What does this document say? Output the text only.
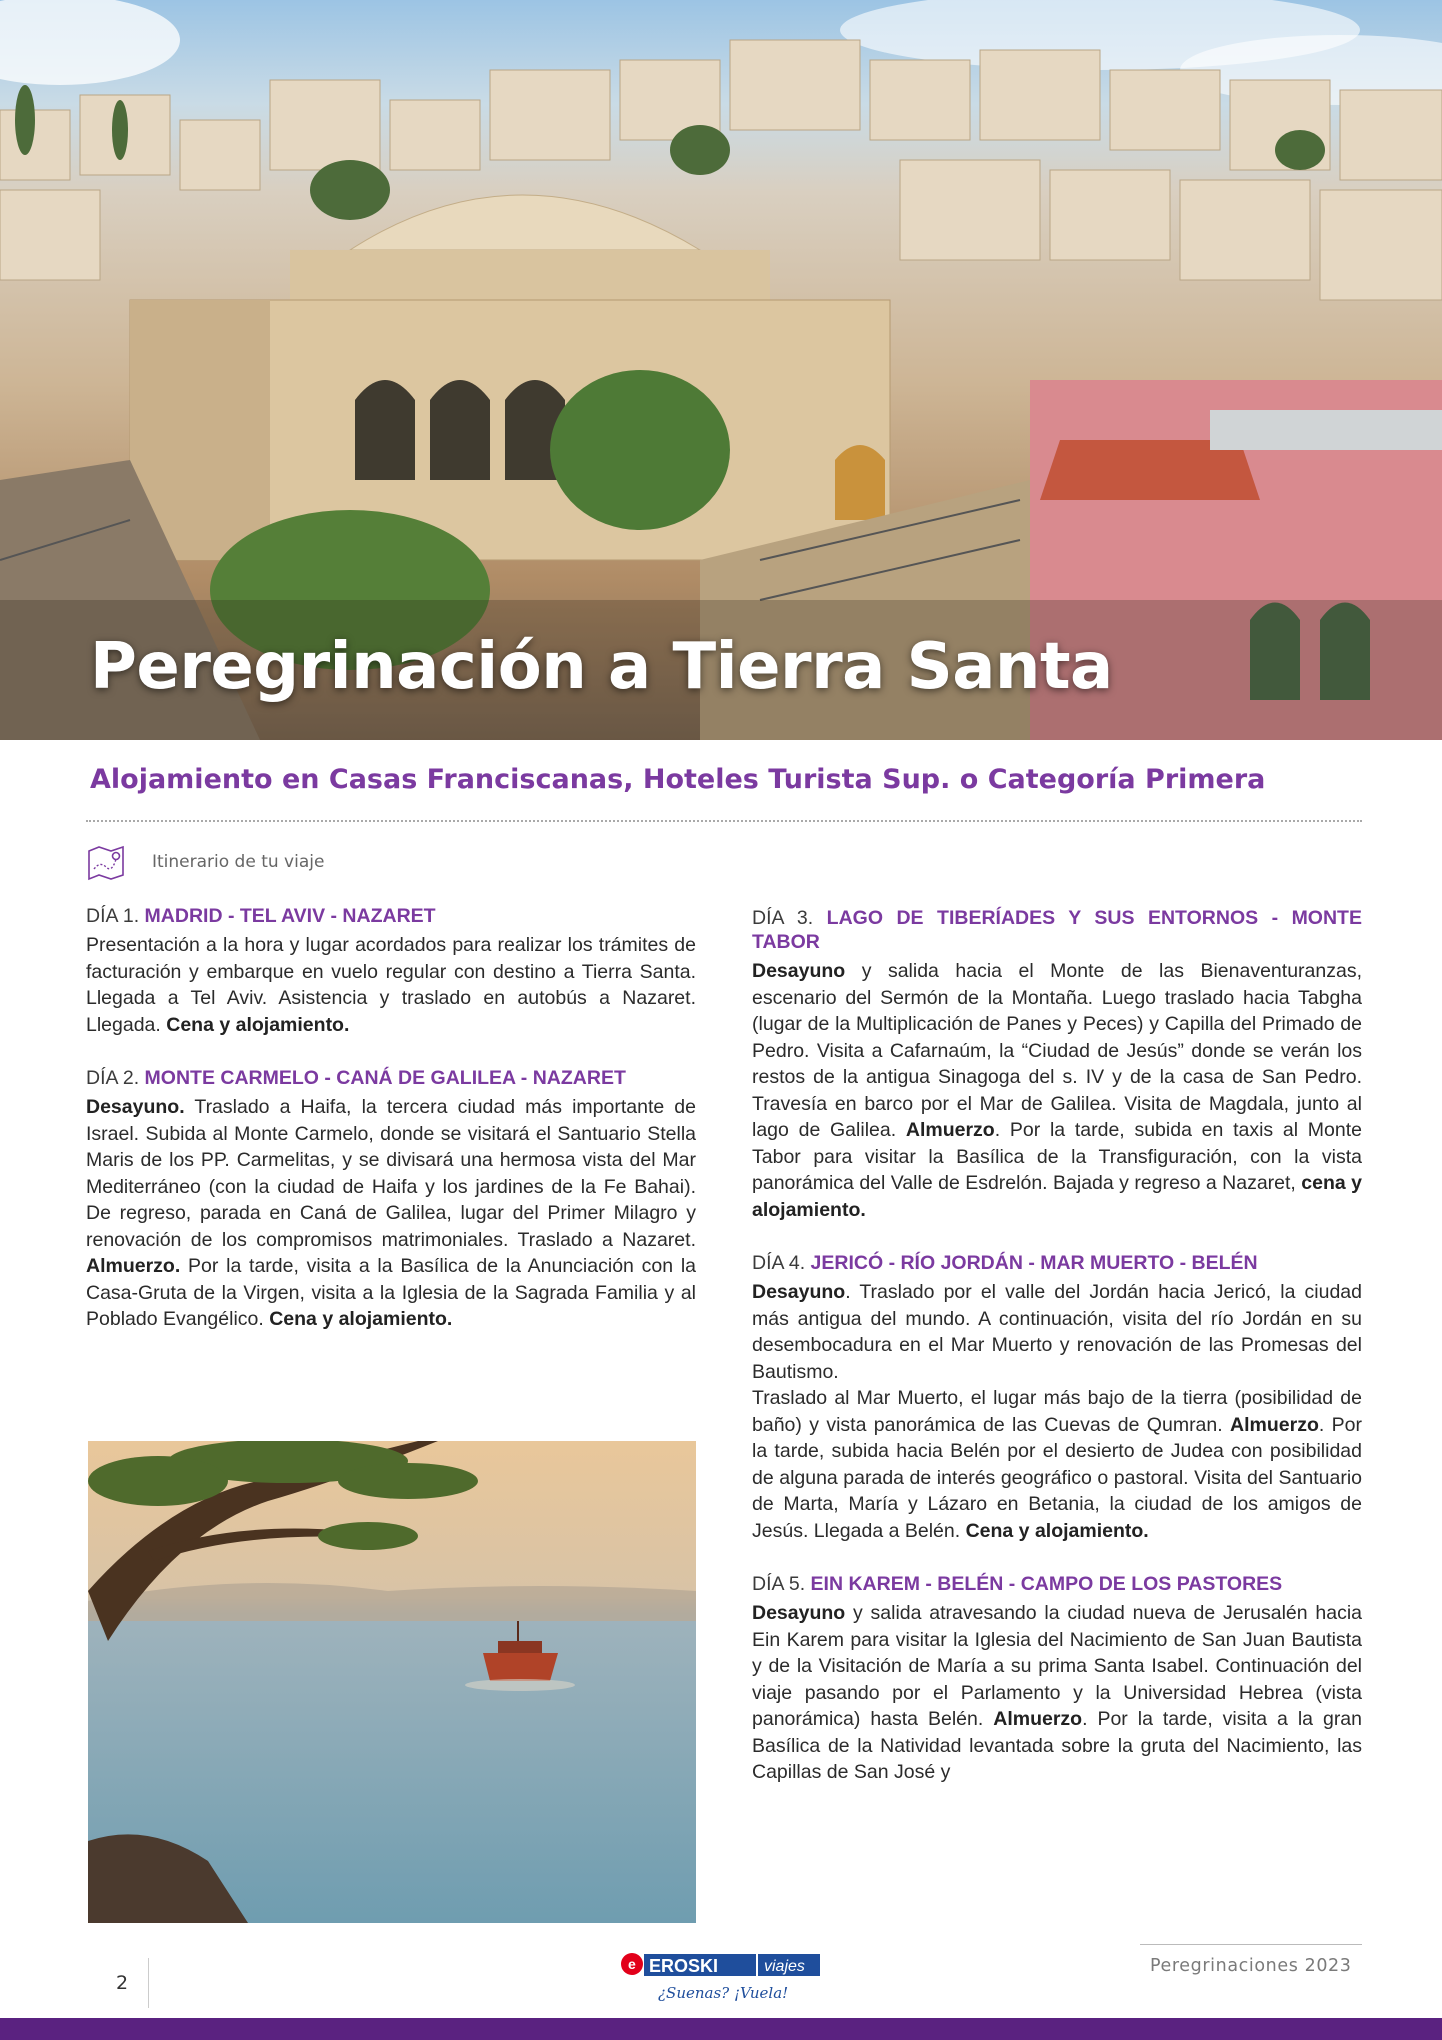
Peregrinación a Tierra Santa
Alojamiento en Casas Franciscanas, Hoteles Turista Sup. o Categoría Primera
Itinerario de tu viaje
DÍA 1. MADRID - TEL AVIV - NAZARET

Presentación a la hora y lugar acordados para realizar los trámites de facturación y embarque en vuelo regular con destino a Tierra Santa. Llegada a Tel Aviv. Asistencia y traslado en autobús a Nazaret. Llegada. Cena y alojamiento.

DÍA 2. MONTE CARMELO - CANÁ DE GALILEA - NAZARET

Desayuno. Traslado a Haifa, la tercera ciudad más importante de Israel. Subida al Monte Carmelo, donde se visitará el Santuario Stella Maris de los PP. Carmelitas, y se divisará una hermosa vista del Mar Mediterráneo (con la ciudad de Haifa y los jardines de la Fe Bahai). De regreso, parada en Caná de Galilea, lugar del Primer Milagro y renovación de los compromisos matrimoniales. Traslado a Nazaret. Almuerzo. Por la tarde, visita a la Basílica de la Anunciación con la Casa-Gruta de la Virgen, visita a la Iglesia de la Sagrada Familia y al Poblado Evangélico. Cena y alojamiento.

DÍA 3. LAGO DE TIBERÍADES Y SUS ENTORNOS - MONTE TABOR

Desayuno y salida hacia el Monte de las Bienaventuranzas, escenario del Sermón de la Montaña. Luego traslado hacia Tabgha (lugar de la Multiplicación de Panes y Peces) y Capilla del Primado de Pedro. Visita a Cafarnaúm, la “Ciudad de Jesús” donde se verán los restos de la antigua Sinagoga del s. IV y de la casa de San Pedro. Travesía en barco por el Mar de Galilea. Visita de Magdala, junto al lago de Galilea. Almuerzo. Por la tarde, subida en taxis al Monte Tabor para visitar la Basílica de la Transfiguración, con la vista panorámica del Valle de Esdrelón. Bajada y regreso a Nazaret, cena y alojamiento.

DÍA 4. JERICÓ - RÍO JORDÁN - MAR MUERTO - BELÉN

Desayuno. Traslado por el valle del Jordán hacia Jericó, la ciudad más antigua del mundo. A continuación, visita del río Jordán en su desembocadura en el Mar Muerto y renovación de las Promesas del Bautismo.

Traslado al Mar Muerto, el lugar más bajo de la tierra (posibilidad de baño) y vista panorámica de las Cuevas de Qumran. Almuerzo. Por la tarde, subida hacia Belén por el desierto de Judea con posibilidad de alguna parada de interés geográfico o pastoral. Visita del Santuario de Marta, María y Lázaro en Betania, la ciudad de los amigos de Jesús. Llegada a Belén. Cena y alojamiento.

DÍA 5. EIN KAREM - BELÉN - CAMPO DE LOS PASTORES

Desayuno y salida atravesando la ciudad nueva de Jerusalén hacia Ein Karem para visitar la Iglesia del Nacimiento de San Juan Bautista y de la Visitación de María a su prima Santa Isabel. Continuación del viaje pasando por el Parlamento y la Universidad Hebrea (vista panorámica) hasta Belén. Almuerzo. Por la tarde, visita a la gran Basílica de la Natividad levantada sobre la gruta del Nacimiento, las Capillas de San José y

2
e EROSKI	viajes
¿Suenas? ¡Vuela!
Peregrinaciones 2023
